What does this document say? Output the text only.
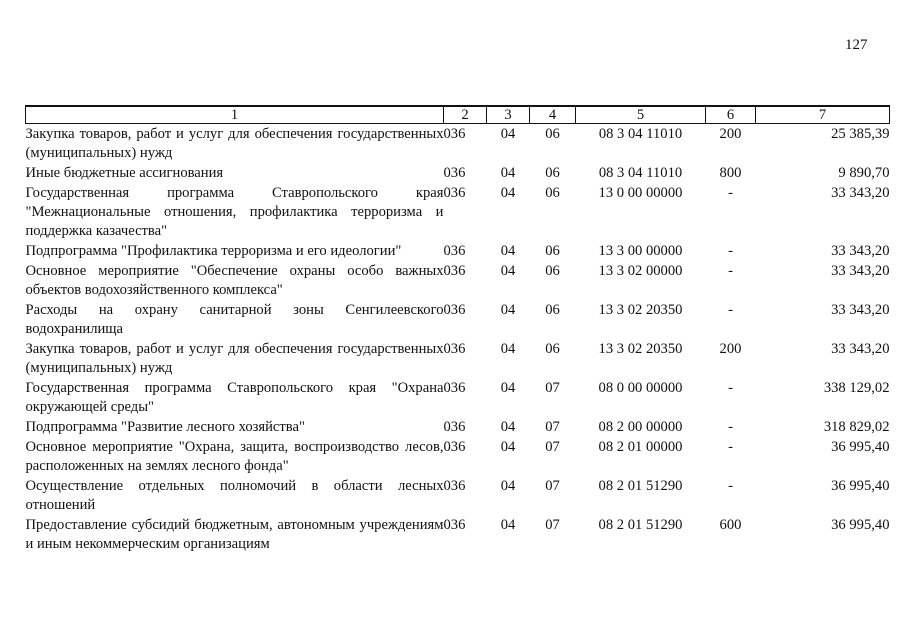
127
1	2	3	4	5	6	7
Закупка товаров, работ и услуг для обеспечения государственных (муниципальных) нужд	036	04	06	08 3 04 11010	200	25 385,39
Иные бюджетные ассигнования	036	04	06	08 3 04 11010	800	9 890,70
Государственная программа Ставропольского края "Межнациональные отношения, профилактика терроризма и поддержка казачества"	036	04	06	13 0 00 00000	-	33 343,20
Подпрограмма "Профилактика терроризма и его идеологии"	036	04	06	13 3 00 00000	-	33 343,20
Основное мероприятие "Обеспечение охраны особо важных объектов водохозяйственного комплекса"	036	04	06	13 3 02 00000	-	33 343,20
Расходы на охрану санитарной зоны Сенгилеевского водохранилища	036	04	06	13 3 02 20350	-	33 343,20
Закупка товаров, работ и услуг для обеспечения государственных (муниципальных) нужд	036	04	06	13 3 02 20350	200	33 343,20
Государственная программа Ставропольского края "Охрана окружающей среды"	036	04	07	08 0 00 00000	-	338 129,02
Подпрограмма "Развитие лесного хозяйства"	036	04	07	08 2 00 00000	-	318 829,02
Основное мероприятие "Охрана, защита, воспроизводство лесов, расположенных на землях лесного фонда"	036	04	07	08 2 01 00000	-	36 995,40
Осуществление отдельных полномочий в области лесных отношений	036	04	07	08 2 01 51290	-	36 995,40
Предоставление субсидий бюджетным, автономным учреждениям и иным некоммерческим организациям	036	04	07	08 2 01 51290	600	36 995,40
